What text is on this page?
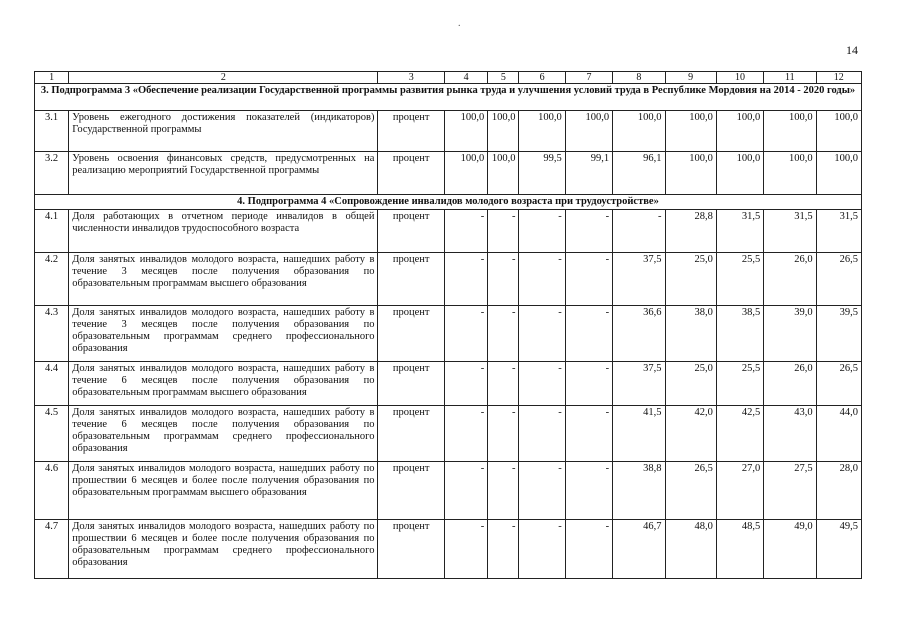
.
14
1	2	3	4	5	6	7	8	9	10	11	12
3. Подпрограмма 3 «Обеспечение реализации Государственной программы развития рынка труда и улучшения условий труда в Республике Мордовия на 2014 - 2020 годы»											
3.1	Уровень ежегодного достижения показателей (индикаторов) Государственной программы	процент	100,0	100,0	100,0	100,0	100,0	100,0	100,0	100,0	100,0
3.2	Уровень освоения финансовых средств, предусмотренных на реализацию мероприятий Государственной программы	процент	100,0	100,0	99,5	99,1	96,1	100,0	100,0	100,0	100,0
4. Подпрограмма 4 «Сопровождение инвалидов молодого возраста при трудоустройстве»											
4.1	Доля работающих в отчетном периоде инвалидов в общей численности инвалидов трудоспособного возраста	процент	-	-	-	-	-	28,8	31,5	31,5	31,5
4.2	Доля занятых инвалидов молодого возраста, нашедших работу в течение 3 месяцев после получения образования по образовательным программам высшего образования	процент	-	-	-	-	37,5	25,0	25,5	26,0	26,5
4.3	Доля занятых инвалидов молодого возраста, нашедших работу в течение 3 месяцев после получения образования по образовательным программам среднего профессионального образования	процент	-	-	-	-	36,6	38,0	38,5	39,0	39,5
4.4	Доля занятых инвалидов молодого возраста, нашедших работу в течение 6 месяцев после получения образования по образовательным программам высшего образования	процент	-	-	-	-	37,5	25,0	25,5	26,0	26,5
4.5	Доля занятых инвалидов молодого возраста, нашедших работу в течение 6 месяцев после получения образования по образовательным программам среднего профессионального образования	процент	-	-	-	-	41,5	42,0	42,5	43,0	44,0
4.6	Доля занятых инвалидов молодого возраста, нашедших работу по прошествии 6 месяцев и более после получения образования по образовательным программам высшего образования	процент	-	-	-	-	38,8	26,5	27,0	27,5	28,0
4.7	Доля занятых инвалидов молодого возраста, нашедших работу по прошествии 6 месяцев и более после получения образования по образовательным программам среднего профессионального образования	процент	-	-	-	-	46,7	48,0	48,5	49,0	49,5
